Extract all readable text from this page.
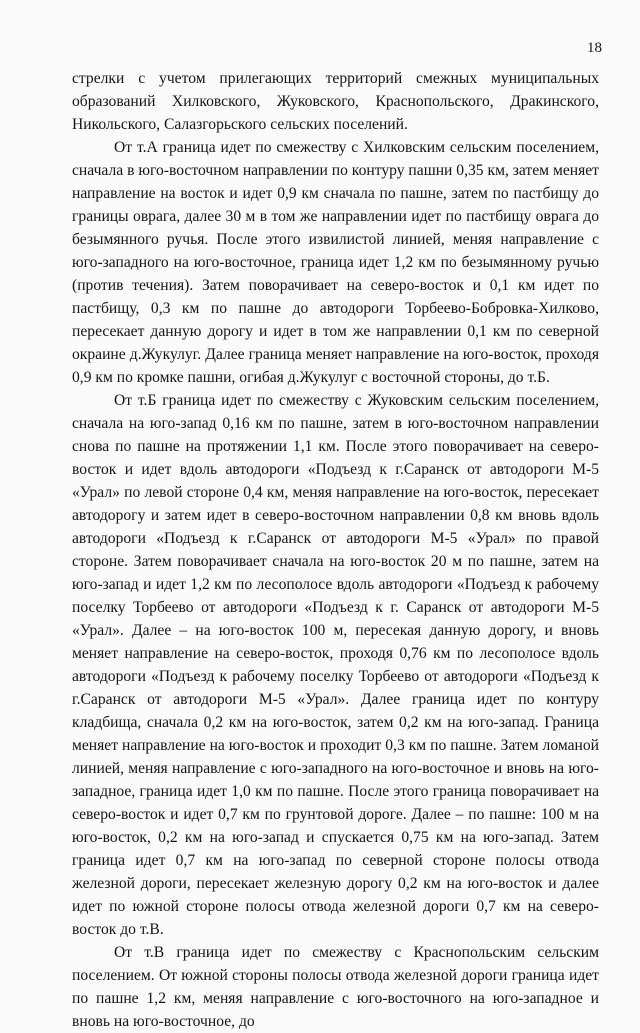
18

стрелки с учетом прилегающих территорий смежных муниципальных образований Хилковского, Жуковского, Краснопольского, Дракинского, Никольского, Салазгорьского сельских поселений.

От т.А граница идет по смежеству с Хилковским сельским поселением, сначала в юго-восточном направлении по контуру пашни 0,35 км, затем меняет направление на восток и идет 0,9 км сначала по пашне, затем по пастбищу до границы оврага, далее 30 м в том же направлении идет по пастбищу оврага до безымянного ручья. После этого извилистой линией, меняя направление с юго-западного на юго-восточное, граница идет 1,2 км по безымянному ручью (против течения). Затем поворачивает на северо-восток и 0,1 км идет по пастбищу, 0,3 км по пашне до автодороги Торбеево-Бобровка-Хилково, пересекает данную дорогу и идет в том же направлении 0,1 км по северной окраине д.Жукулуг. Далее граница меняет направление на юго-восток, проходя 0,9 км по кромке пашни, огибая д.Жукулуг с восточной стороны, до т.Б.

От т.Б граница идет по смежеству с Жуковским сельским поселением, сначала на юго-запад 0,16 км по пашне, затем в юго-восточном направлении снова по пашне на протяжении 1,1 км. После этого поворачивает на северо-восток и идет вдоль автодороги «Подъезд к г.Саранск от автодороги М-5 «Урал» по левой стороне 0,4 км, меняя направление на юго-восток, пересекает автодорогу и затем идет в северо-восточном направлении 0,8 км вновь вдоль автодороги «Подъезд к г.Саранск от автодороги М-5 «Урал» по правой стороне. Затем поворачивает сначала на юго-восток 20 м по пашне, затем на юго-запад и идет 1,2 км по лесополосе вдоль автодороги «Подъезд к рабочему поселку Торбеево от автодороги «Подъезд к г. Саранск от автодороги М-5 «Урал». Далее – на юго-восток 100 м, пересекая данную дорогу, и вновь меняет направление на северо-восток, проходя 0,76 км по лесополосе вдоль автодороги «Подъезд к рабочему поселку Торбеево от автодороги «Подъезд к г.Саранск от автодороги М-5 «Урал». Далее граница идет по контуру кладбища, сначала 0,2 км на юго-восток, затем 0,2 км на юго-запад. Граница меняет направление на юго-восток и проходит 0,3 км по пашне. Затем ломаной линией, меняя направление с юго-западного на юго-восточное и вновь на юго-западное, граница идет 1,0 км по пашне. После этого граница поворачивает на северо-восток и идет 0,7 км по грунтовой дороге. Далее – по пашне: 100 м на юго-восток, 0,2 км на юго-запад и спускается 0,75 км на юго-запад. Затем граница идет 0,7 км на юго-запад по северной стороне полосы отвода железной дороги, пересекает железную дорогу 0,2 км на юго-восток и далее идет по южной стороне полосы отвода железной дороги 0,7 км на северо-восток до т.В.

От т.В граница идет по смежеству с Краснопольским сельским поселением. От южной стороны полосы отвода железной дороги граница идет по пашне 1,2 км, меняя направление с юго-восточного на юго-западное и вновь на юго-восточное, до
